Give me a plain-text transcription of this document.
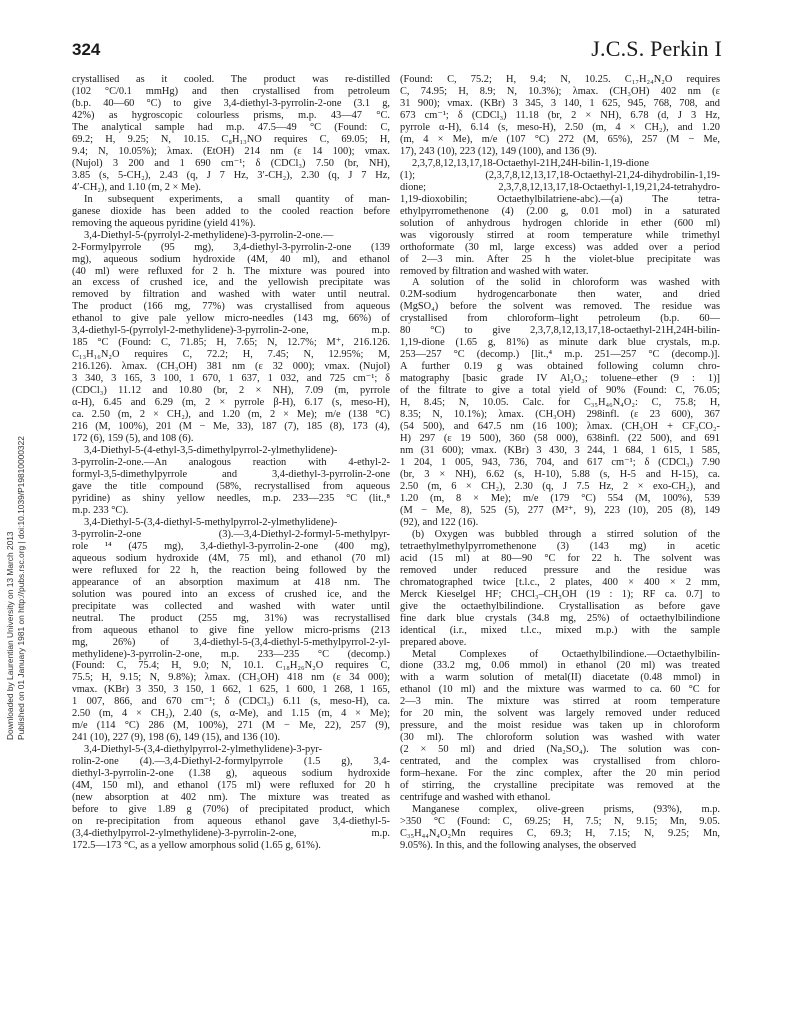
324	J.C.S. Perkin I
Downloaded by Laurentian University on 13 March 2013 Published on 01 January 1981 on http://pubs.rsc.org | doi:10.1039/P19810000322

crystallised as it cooled. The product was re-distilled
(102 °C/0.1 mmHg) and then crystallised from petroleum
(b.p. 40—60 °C) to give 3,4-diethyl-3-pyrrolin-2-one (3.1 g,
42%) as hygroscopic colourless prisms, m.p. 43—47 °C.
The analytical sample had m.p. 47.5—49 °C (Found: C,
69.2; H, 9.25; N, 10.15. C₈H₁₃NO requires C, 69.05; H,
9.4; N, 10.05%); λmax. (EtOH) 214 nm (ε 14 100); νmax.
(Nujol) 3 200 and 1 690 cm⁻¹; δ (CDCl₃) 7.50 (br, NH),
3.85 (s, 5-CH₂), 2.43 (q, J 7 Hz, 3′-CH₂), 2.30 (q, J 7 Hz,
4′-CH₂), and 1.10 (m, 2 × Me).

In subsequent experiments, a small quantity of man-
ganese dioxide has been added to the cooled reaction before
removing the aqueous pyridine (yield 41%).

3,4-Diethyl-5-(pyrrolyl-2-methylidene)-3-pyrrolin-2-one.—
2-Formylpyrrole (95 mg), 3,4-diethyl-3-pyrrolin-2-one (139
mg), aqueous sodium hydroxide (4M, 40 ml), and ethanol
(40 ml) were refluxed for 2 h. The mixture was poured into
an excess of crushed ice, and the yellowish precipitate was
removed by filtration and washed with water until neutral.
The product (166 mg, 77%) was crystallised from aqueous
ethanol to give pale yellow micro-needles (143 mg, 66%) of
3,4-diethyl-5-(pyrrolyl-2-methylidene)-3-pyrrolin-2-one, m.p.
185 °C (Found: C, 71.85; H, 7.65; N, 12.7%; M⁺, 216.126.
C₁₃H₁₆N₂O requires C, 72.2; H, 7.45; N, 12.95%; M,
216.126). λmax. (CH₃OH) 381 nm (ε 32 000); νmax. (Nujol)
3 340, 3 165, 3 100, 1 670, 1 637, 1 032, and 725 cm⁻¹; δ
(CDCl₃) 11.12 and 10.80 (br, 2 × NH), 7.09 (m, pyrrole
α-H), 6.45 and 6.29 (m, 2 × pyrrole β-H), 6.17 (s, meso-H),
ca. 2.50 (m, 2 × CH₂), and 1.20 (m, 2 × Me); m/e (138 °C)
216 (M, 100%), 201 (M − Me, 33), 187 (7), 185 (8), 173 (4),
172 (6), 159 (5), and 108 (6).

3,4-Diethyl-5-(4-ethyl-3,5-dimethylpyrrol-2-ylmethylidene)-
3-pyrrolin-2-one.—An analogous reaction with 4-ethyl-2-
formyl-3,5-dimethylpyrrole and 3,4-diethyl-3-pyrrolin-2-one
gave the title compound (58%, recrystallised from aqueous
pyridine) as shiny yellow needles, m.p. 233—235 °C (lit.,⁸
m.p. 233 °C).

3,4-Diethyl-5-(3,4-diethyl-5-methylpyrrol-2-ylmethylidene)-
3-pyrrolin-2-one (3).—3,4-Diethyl-2-formyl-5-methylpyr-
role ¹⁴ (475 mg), 3,4-diethyl-3-pyrrolin-2-one (400 mg),
aqueous sodium hydroxide (4M, 75 ml), and ethanol (70 ml)
were refluxed for 22 h, the reaction being followed by the
appearance of an absorption maximum at 418 nm. The
solution was poured into an excess of crushed ice, and the
precipitate was collected and washed with water until
neutral. The product (255 mg, 31%) was recrystallised
from aqueous ethanol to give fine yellow micro-prisms (213
mg, 26%) of 3,4-diethyl-5-(3,4-diethyl-5-methylpyrrol-2-yl-
methylidene)-3-pyrrolin-2-one, m.p. 233—235 °C (decomp.)
(Found: C, 75.4; H, 9.0; N, 10.1. C₁₈H₂₆N₂O requires C,
75.5; H, 9.15; N, 9.8%); λmax. (CH₃OH) 418 nm (ε 34 000);
νmax. (KBr) 3 350, 3 150, 1 662, 1 625, 1 600, 1 268, 1 165,
1 007, 866, and 670 cm⁻¹; δ (CDCl₃) 6.11 (s, meso-H), ca.
2.50 (m, 4 × CH₂), 2.40 (s, α-Me), and 1.15 (m, 4 × Me);
m/e (114 °C) 286 (M, 100%), 271 (M − Me, 22), 257 (9),
241 (10), 227 (9), 198 (6), 149 (15), and 136 (10).

3,4-Diethyl-5-(3,4-diethylpyrrol-2-ylmethylidene)-3-pyr-
rolin-2-one (4).—3,4-Diethyl-2-formylpyrrole (1.5 g), 3,4-
diethyl-3-pyrrolin-2-one (1.38 g), aqueous sodium hydroxide
(4M, 150 ml), and ethanol (175 ml) were refluxed for 20 h
(new absorption at 402 nm). The mixture was treated as
before to give 1.89 g (70%) of precipitated product, which
on re-precipitation from aqueous ethanol gave 3,4-diethyl-5-
(3,4-diethylpyrrol-2-ylmethylidene)-3-pyrrolin-2-one, m.p.
172.5—173 °C, as a yellow amorphous solid (1.65 g, 61%).

(Found: C, 75.2; H, 9.4; N, 10.25. C₁₇H₂₄N₂O requires
C, 74.95; H, 8.9; N, 10.3%); λmax. (CH₃OH) 402 nm (ε
31 900); νmax. (KBr) 3 345, 3 140, 1 625, 945, 768, 708, and
673 cm⁻¹; δ (CDCl₃) 11.18 (br, 2 × NH), 6.78 (d, J 3 Hz,
pyrrole α-H), 6.14 (s, meso-H), 2.50 (m, 4 × CH₂), and 1.20
(m, 4 × Me), m/e (107 °C) 272 (M, 65%), 257 (M − Me,
17), 243 (10), 223 (12), 149 (100), and 136 (9).

2,3,7,8,12,13,17,18-Octaethyl-21H,24H-bilin-1,19-dione
(1); (2,3,7,8,12,13,17,18-Octaethyl-21,24-dihydrobilin-1,19-
dione; 2,3,7,8,12,13,17,18-Octaethyl-1,19,21,24-tetrahydro-
1,19-dioxobilin; Octaethylbilatriene-abc).—(a) The tetra-
ethylpyrromethenone (4) (2.00 g, 0.01 mol) in a saturated
solution of anhydrous hydrogen chloride in ether (600 ml)
was vigorously stirred at room temperature while trimethyl
orthoformate (30 ml, large excess) was added over a period
of 2—3 min. After 25 h the violet-blue precipitate was
removed by filtration and washed with water.

A solution of the solid in chloroform was washed with
0.2M-sodium hydrogencarbonate then water, and dried
(MgSO₄) before the solvent was removed. The residue was
crystallised from chloroform–light petroleum (b.p. 60—
80 °C) to give 2,3,7,8,12,13,17,18-octaethyl-21H,24H-bilin-
1,19-dione (1.65 g, 81%) as minute dark blue crystals, m.p.
253—257 °C (decomp.) [lit.,⁴ m.p. 251—257 °C (decomp.)].
A further 0.19 g was obtained following column chro-
matography [basic grade IV Al₂O₃; toluene–ether (9 : 1)]
of the filtrate to give a total yield of 90% (Found: C, 76.05;
H, 8.45; N, 10.05. Calc. for C₃₅H₄₆N₄O₂: C, 75.8; H,
8.35; N, 10.1%); λmax. (CH₃OH) 298infl. (ε 23 600), 367
(54 500), and 647.5 nm (16 100); λmax. (CH₃OH + CF₃CO₂-
H) 297 (ε 19 500), 360 (58 000), 638infl. (22 500), and 691
nm (31 600); νmax. (KBr) 3 430, 3 244, 1 684, 1 615, 1 585,
1 204, 1 005, 943, 736, 704, and 617 cm⁻¹; δ (CDCl₃) 7.90
(br, 3 × NH), 6.62 (s, H-10), 5.88 (s, H-5 and H-15), ca.
2.50 (m, 6 × CH₂), 2.30 (q, J 7.5 Hz, 2 × exo-CH₂), and
1.20 (m, 8 × Me); m/e (179 °C) 554 (M, 100%), 539
(M − Me, 8), 525 (5), 277 (M²⁺, 9), 223 (10), 205 (8), 149
(92), and 122 (16).

(b) Oxygen was bubbled through a stirred solution of the
tetraethylmethylpyrromethenone (3) (143 mg) in acetic
acid (15 ml) at 80—90 °C for 22 h. The solvent was
removed under reduced pressure and the residue was
chromatographed twice [t.l.c., 2 plates, 400 × 400 × 2 mm,
Merck Kieselgel HF; CHCl₃–CH₃OH (19 : 1); RF ca. 0.7] to
give the octaethylbilindione. Crystallisation as before gave
fine dark blue crystals (34.8 mg, 25%) of octaethylbilindione
identical (i.r., mixed t.l.c., mixed m.p.) with the sample
prepared above.

Metal Complexes of Octaethylbilindione.—Octaethylbilin-
dione (33.2 mg, 0.06 mmol) in ethanol (20 ml) was treated
with a warm solution of metal(II) diacetate (0.48 mmol) in
ethanol (10 ml) and the mixture was warmed to ca. 60 °C for
2—3 min. The mixture was stirred at room temperature
for 20 min, the solvent was largely removed under reduced
pressure, and the moist residue was taken up in chloroform
(30 ml). The chloroform solution was washed with water
(2 × 50 ml) and dried (Na₂SO₄). The solution was con-
centrated, and the complex was crystallised from chloro-
form–hexane. For the zinc complex, after the 20 min period
of stirring, the crystalline precipitate was removed at the
centrifuge and washed with ethanol.

Manganese complex, olive-green prisms, (93%), m.p.
>350 °C (Found: C, 69.25; H, 7.5; N, 9.15; Mn, 9.05.
C₃₅H₄₄N₄O₂Mn requires C, 69.3; H, 7.15; N, 9.25; Mn,
9.05%). In this, and the following analyses, the observed
